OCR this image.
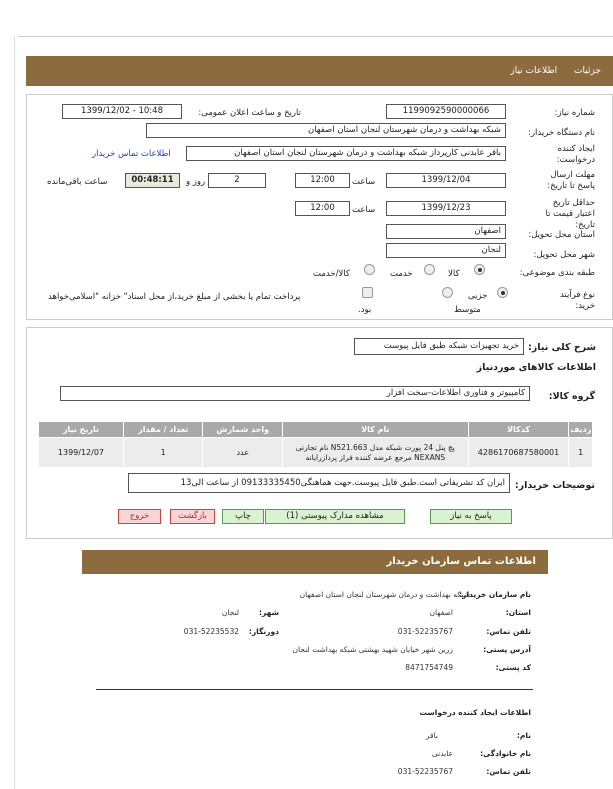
جزئیات اطلاعات نیاز
شماره نیاز:
1199092590000066
تاریخ و ساعت اعلان عمومی:
1399/12/02 - 10:48
نام دستگاه خریدار:
شبکه بهداشت و درمان شهرستان لنجان استان اصفهان
ایجاد کننده درخواست:
باقر عابدنی کارپرداز شبکه بهداشت و درمان شهرستان لنجان استان اصفهان
اطلاعات تماس خریدار
مهلت ارسال پاسخ تا تاریخ:
1399/12/04
ساعت
12:00
2
روز و
00:48:11
ساعت باقی‌مانده
حداقل تاریخ اعتبار قیمت تا تاریخ:
1399/12/23
ساعت
12:00
استان محل تحویل:
اصفهان
شهر محل تحویل:
لنجان
طبقه بندی موضوعی:
کالا
خدمت
کالا/خدمت
نوع فرآیند خرید:
جزیی
متوسط
پرداخت تمام یا بخشی از مبلغ خرید،از محل اسناد" خزانه "اسلامی‌خواهد
بود.
شرح کلی نیاز:
خرید تجهیزات شبکه طبق فایل پیوست
اطلاعات کالاهای موردنیاز
گروه کالا:
کامپیوتر و فناوری اطلاعات-سخت افزار
ردیف	کدکالا	نام کالا	واحد شمارش	تعداد / مقدار	تاریخ نیاز
1	4286170687580001	پچ پنل 24 پورت شبکه مدل N521.663 نام تجارتی
NEXANS مرجع عرضه کننده فراز پردازرایانه	عدد	1	1399/12/07
توضیحات خریدار:
ایران کد تشریفاتی است.طبق فایل پیوست.جهت هماهنگی09133335450 از ساعت الی13
پاسخ به نیاز
مشاهده مدارک پیوستی (1)
چاپ
بازگشت
خروج
اطلاعات تماس سازمان خریدار
نام سازمان خریدار:
شبکه بهداشت و درمان شهرستان لنجان استان اصفهان
استان:
اصفهان
شهر:
لنجان
تلفن تماس:
031-52235767
دورنگار:
031-52235532
آدرس پستی:
زرین شهر خیابان شهید بهشتی شبکه بهداشت لنجان
کد پستی:
8471754749
اطلاعات ایجاد کننده درخواست
نام:
باقر
نام خانوادگی:
عابدنی
تلفن تماس:
031-52235767
